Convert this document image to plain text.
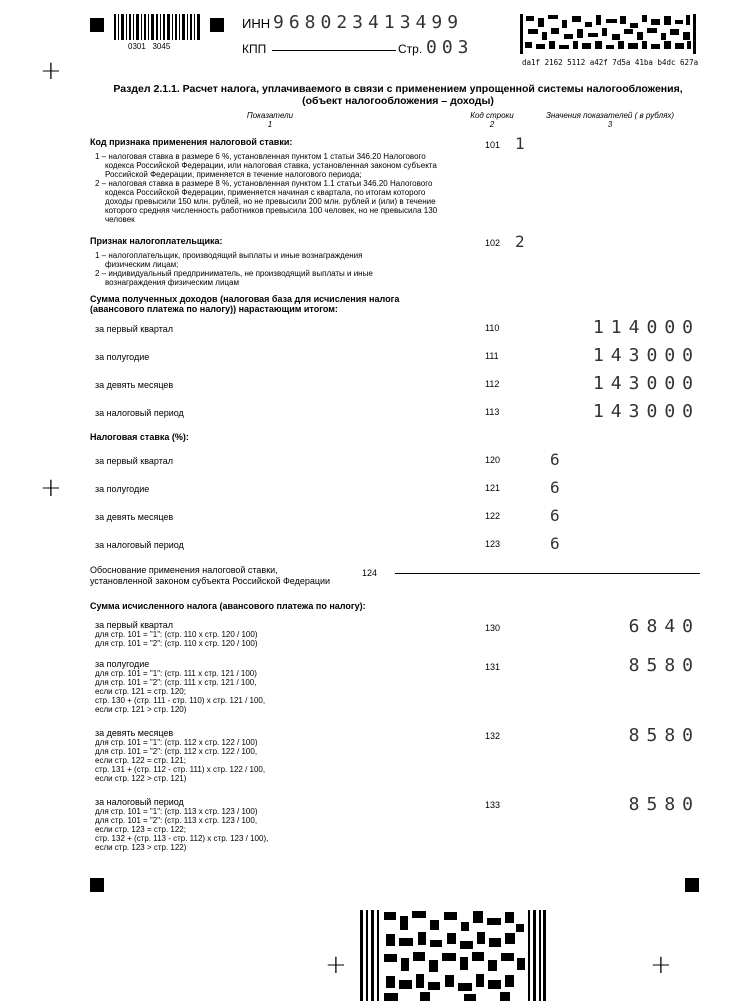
+
+
+	+
0301   3045
ИНН 968023413499
КПП	Стр. 003
da1f 2162 5112 a42f 7d5a 41ba b4dc 627a
Раздел 2.1.1. Расчет налога, уплачиваемого в связи с применением упрощенной системы налогообложения,
(объект налогообложения – доходы)
Показатели
1
Код строки
2
Значения показателей ( в рублях)
3
Код признака применения налоговой ставки:
1 – налоговая ставка в размере 6 %, установленная пунктом 1 статьи 346.20 Налогового
кодекса Российской Федерации, или налоговая ставка, установленная законом субъекта
Российской Федерации, применяется в течение налогового периода;
2 – налоговая ставка в размере 8 %, установленная пунктом 1.1 статьи 346.20 Налогового
кодекса Российской Федерации, применяется начиная с квартала, по итогам которого
доходы превысили 150 млн. рублей, но не превысили 200 млн. рублей и (или) в течение
которого средняя численность работников превысила 100 человек, но не превысила 130
человек
101 1
Признак налогоплательщика:
1 – налогоплательщик, производящий выплаты и иные вознаграждения
физическим лицам;
2 – индивидуальный предприниматель, не производящий выплаты и иные
вознаграждения физическим лицам
102 2
Сумма полученных доходов (налоговая база для исчисления налога
(авансового платежа по налогу)) нарастающим итогом:
за первый квартал	110	114000
за полугодие	111	143000
за девять месяцев	112	143000
за налоговый период	113	143000
Налоговая ставка (%):
за первый квартал	120	6
за полугодие	121	6
за девять месяцев	122	6
за налоговый период	123	6
Обоснование применения налоговой ставки,
установленной законом субъекта Российской Федерации
124
Сумма исчисленного налога (авансового платежа по налогу):
за первый квартал
для стр. 101 = "1": (стр. 110 х стр. 120 / 100)
для стр. 101 = "2": (стр. 110 х стр. 120 / 100)
130	6840
за полугодие
для стр. 101 = "1": (стр. 111 х стр. 121 / 100)
для стр. 101 = "2": (стр. 111 х стр. 121 / 100,
если стр. 121 = стр. 120;
стр. 130 + (стр. 111 - стр. 110) х стр. 121 / 100,
если стр. 121 > стр. 120)
131	8580
за девять месяцев
для стр. 101 = "1": (стр. 112 х стр. 122 / 100)
для стр. 101 = "2": (стр. 112 х стр. 122 / 100,
если стр. 122 = стр. 121;
стр. 131 + (стр. 112 - стр. 111) х стр. 122 / 100,
если стр. 122 > стр. 121)
132	8580
за налоговый период
для стр. 101 = "1": (стр. 113 х стр. 123 / 100)
для стр. 101 = "2": (стр. 113 х стр. 123 / 100,
если стр. 123 = стр. 122;
стр. 132 + (стр. 113 - стр. 112) х стр. 123 / 100),
если стр. 123 > стр. 122)
133	8580
